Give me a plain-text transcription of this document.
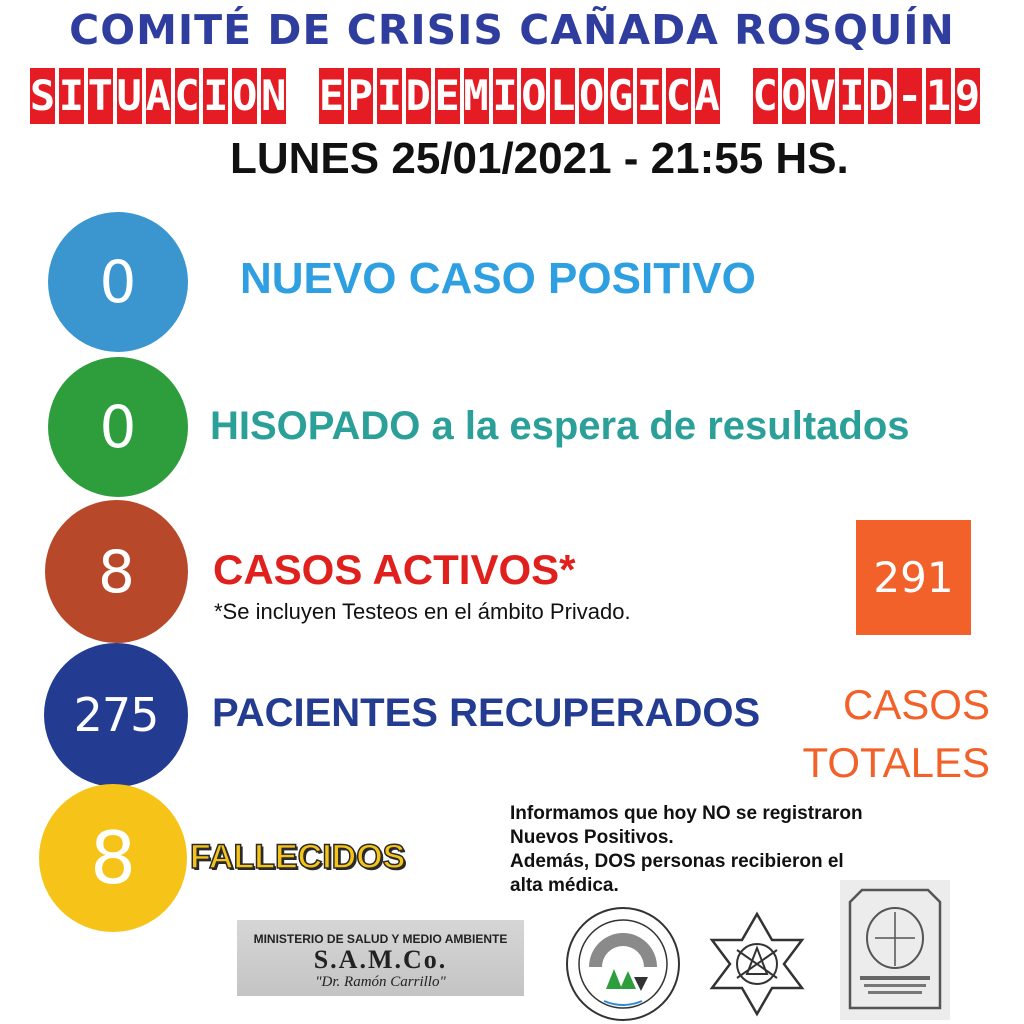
COMITÉ DE CRISIS CAÑADA ROSQUÍN
S I T U A C I O N E P I D E M I O L O G I C A C O V I D - 1 9
LUNES 25/01/2021 - 21:55 HS.
0	NUEVO CASO POSITIVO
0	HISOPADO a la espera de resultados
8	CASOS ACTIVOS*
*Se incluyen Testeos en el ámbito Privado.
275	PACIENTES RECUPERADOS
8	FALLECIDOS
291
CASOS
TOTALES
Informamos que hoy NO se registraron
Nuevos Positivos.
Además, DOS personas recibieron el
alta médica.
MINISTERIO DE SALUD Y MEDIO AMBIENTE
S.A.M.Co.
"Dr. Ramón Carrillo"
